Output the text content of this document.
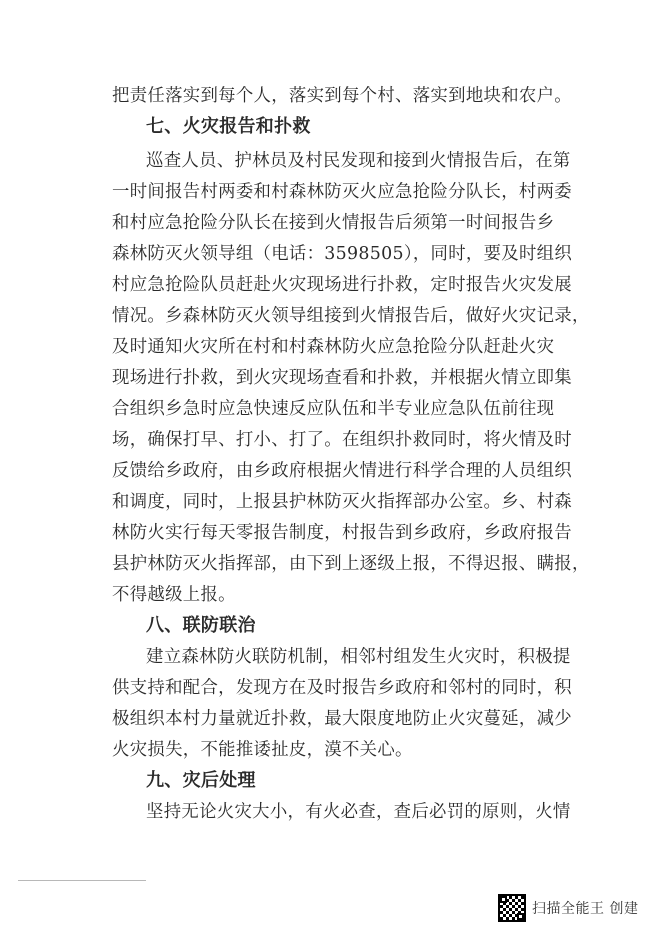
扫描全能王 创建
把责任落实到每个人，落实到每个村、落实到地块和农户。
七、火灾报告和扑救
巡查人员、护林员及村民发现和接到火情报告后，在第
一时间报告村两委和村森林防灭火应急抢险分队长，村两委
和村应急抢险分队长在接到火情报告后须第一时间报告乡
森林防灭火领导组（电话：3598505），同时，要及时组织
村应急抢险队员赶赴火灾现场进行扑救，定时报告火灾发展
情况。乡森林防灭火领导组接到火情报告后，做好火灾记录，
及时通知火灾所在村和村森林防火应急抢险分队赶赴火灾
现场进行扑救，到火灾现场查看和扑救，并根据火情立即集
合组织乡急时应急快速反应队伍和半专业应急队伍前往现
场，确保打早、打小、打了。在组织扑救同时，将火情及时
反馈给乡政府，由乡政府根据火情进行科学合理的人员组织
和调度，同时，上报县护林防灭火指挥部办公室。乡、村森
林防火实行每天零报告制度，村报告到乡政府，乡政府报告
县护林防灭火指挥部，由下到上逐级上报，不得迟报、瞒报，
不得越级上报。
八、联防联治
建立森林防火联防机制，相邻村组发生火灾时，积极提
供支持和配合，发现方在及时报告乡政府和邻村的同时，积
极组织本村力量就近扑救，最大限度地防止火灾蔓延，减少
火灾损失，不能推诿扯皮，漠不关心。
九、灾后处理
坚持无论火灾大小，有火必查，查后必罚的原则，火情
